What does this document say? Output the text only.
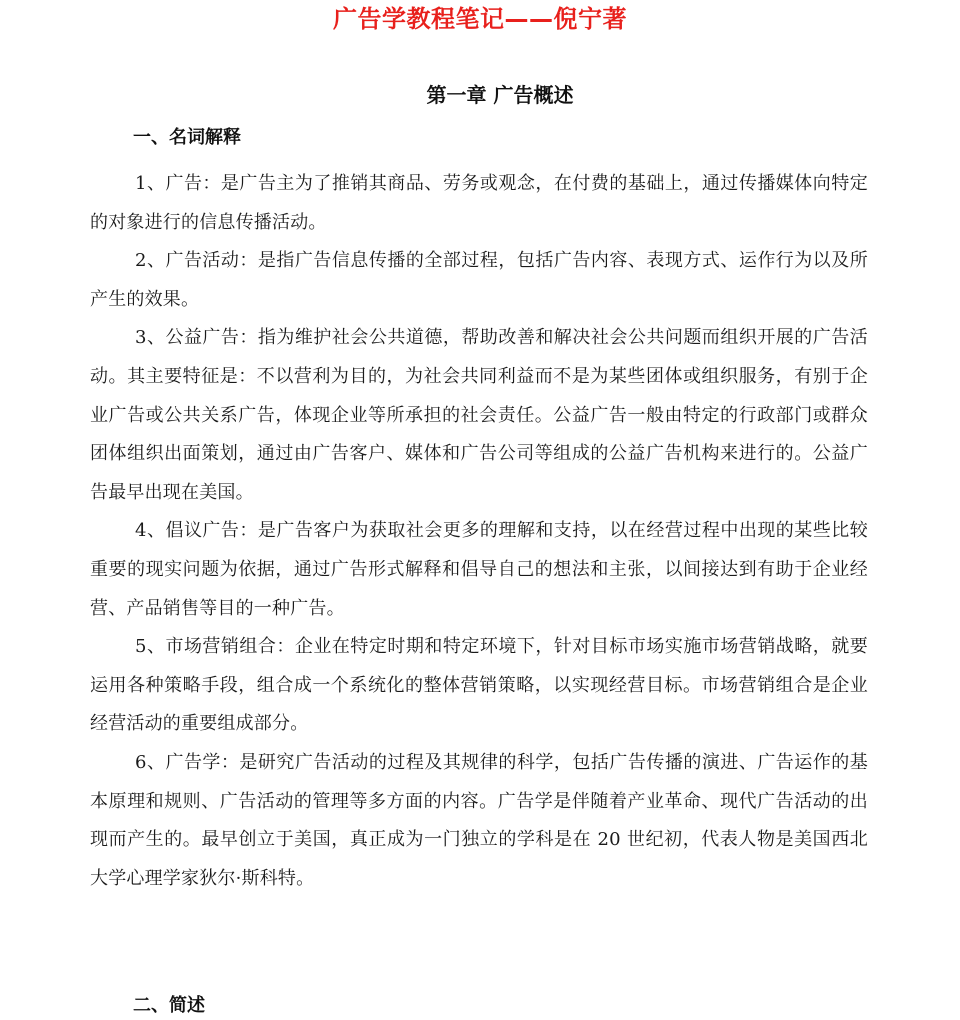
广告学教程笔记——倪宁著
第一章 广告概述
一、名词解释

1、广告：是广告主为了推销其商品、劳务或观念，在付费的基础上，通过传播媒体向特定的对象进行的信息传播活动。

2、广告活动：是指广告信息传播的全部过程，包括广告内容、表现方式、运作行为以及所产生的效果。

3、公益广告：指为维护社会公共道德，帮助改善和解决社会公共问题而组织开展的广告活动。其主要特征是：不以营利为目的，为社会共同利益而不是为某些团体或组织服务，有别于企业广告或公共关系广告，体现企业等所承担的社会责任。公益广告一般由特定的行政部门或群众团体组织出面策划，通过由广告客户、媒体和广告公司等组成的公益广告机构来进行的。公益广告最早出现在美国。

4、倡议广告：是广告客户为获取社会更多的理解和支持，以在经营过程中出现的某些比较重要的现实问题为依据，通过广告形式解释和倡导自己的想法和主张，以间接达到有助于企业经营、产品销售等目的一种广告。

5、市场营销组合：企业在特定时期和特定环境下，针对目标市场实施市场营销战略，就要运用各种策略手段，组合成一个系统化的整体营销策略，以实现经营目标。市场营销组合是企业经营活动的重要组成部分。

6、广告学：是研究广告活动的过程及其规律的科学，包括广告传播的演进、广告运作的基本原理和规则、广告活动的管理等多方面的内容。广告学是伴随着产业革命、现代广告活动的出现而产生的。最早创立于美国，真正成为一门独立的学科是在 20 世纪初，代表人物是美国西北大学心理学家狄尔·斯科特。

二、简述
